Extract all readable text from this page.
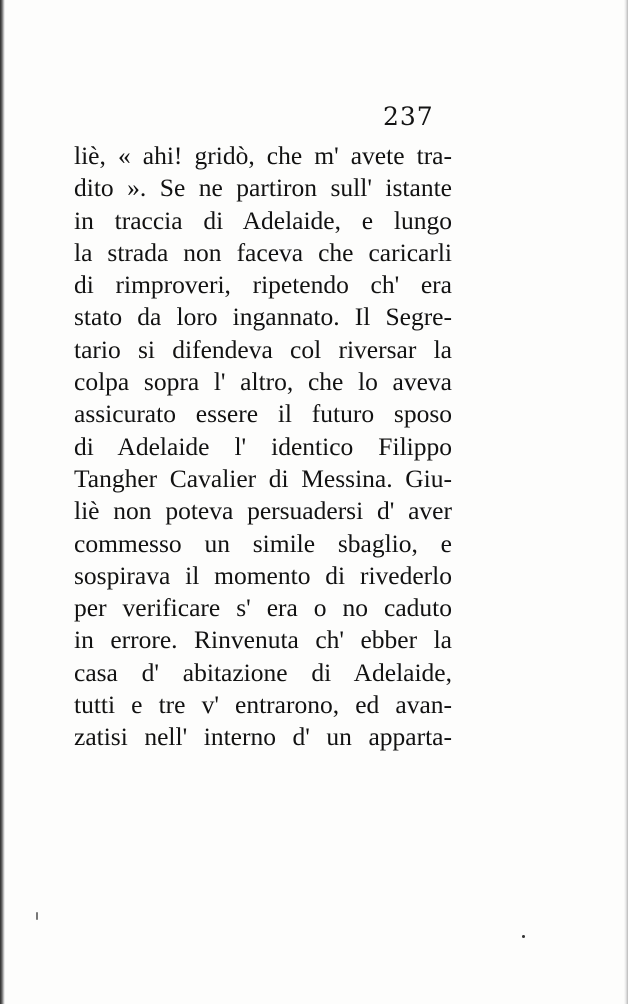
237
liè, « ahi! gridò, che m' avete tra-
dito ». Se ne partiron sull' istante
in traccia di Adelaide, e lungo
la strada non faceva che caricarli
di rimproveri, ripetendo ch' era
stato da loro ingannato. Il Segre-
tario si difendeva col riversar la
colpa sopra l' altro, che lo aveva
assicurato essere il futuro sposo
di Adelaide l' identico Filippo
Tangher Cavalier di Messina. Giu-
liè non poteva persuadersi d' aver
commesso un simile sbaglio, e
sospirava il momento di rivederlo
per verificare s' era o no caduto
in errore. Rinvenuta ch' ebber la
casa d' abitazione di Adelaide,
tutti e tre v' entrarono, ed avan-
zatisi nell' interno d' un apparta-
